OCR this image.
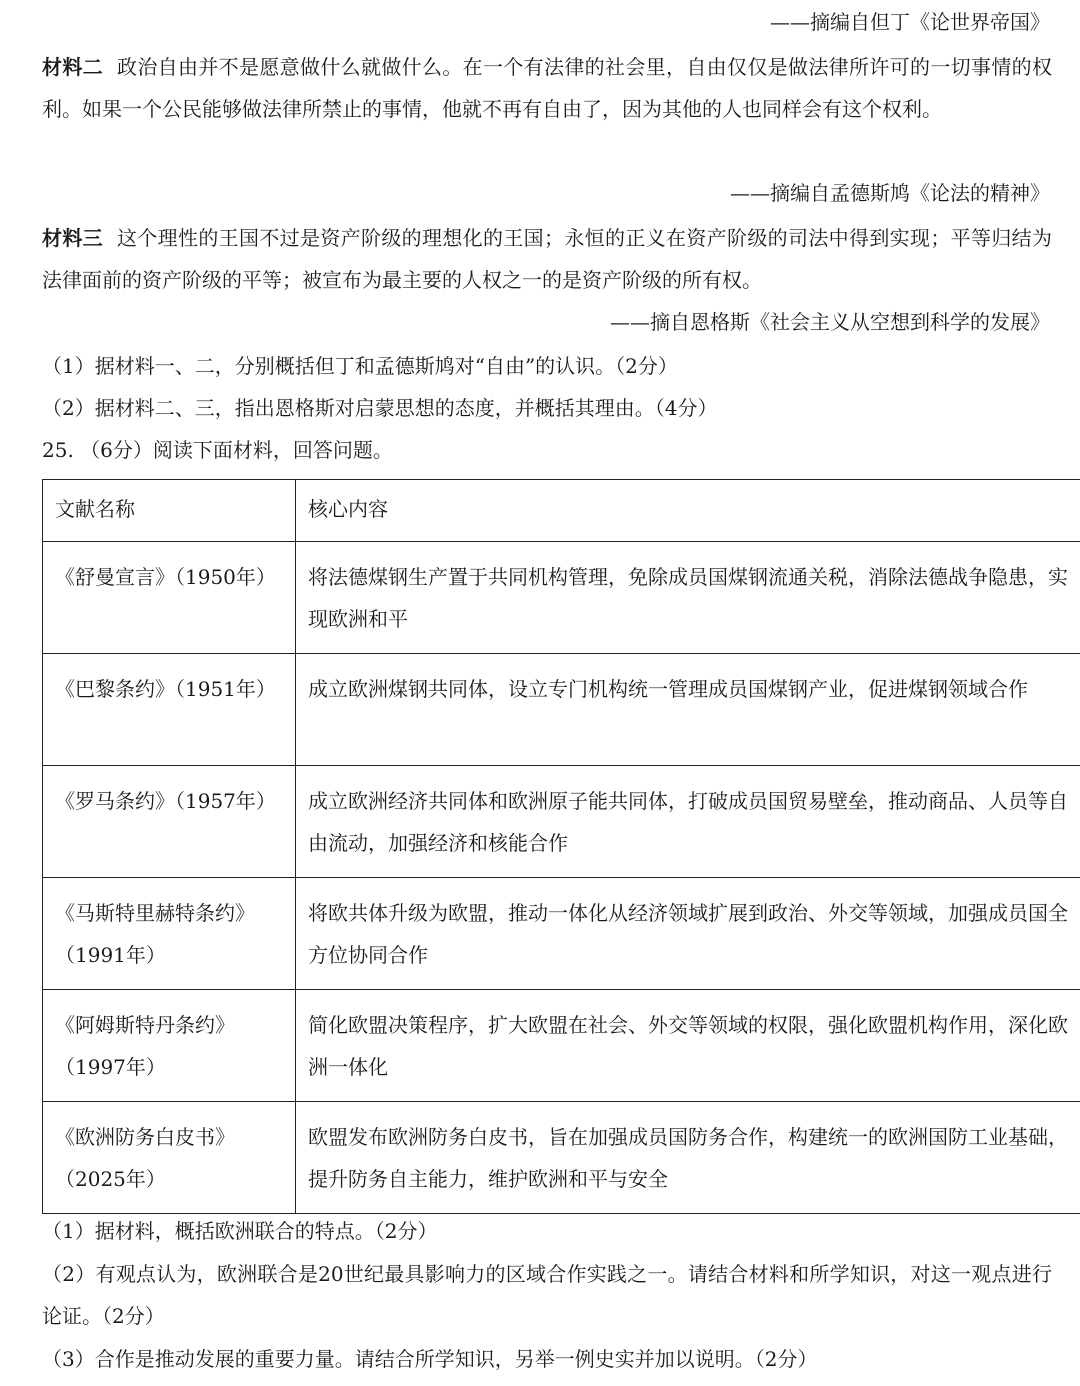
——摘编自但丁《论世界帝国》
材料二 政治自由并不是愿意做什么就做什么。在一个有法律的社会里，自由仅仅是做法律所许可的一切事情的权利。如果一个公民能够做法律所禁止的事情，他就不再有自由了，因为其他的人也同样会有这个权利。
——摘编自孟德斯鸠《论法的精神》
材料三 这个理性的王国不过是资产阶级的理想化的王国；永恒的正义在资产阶级的司法中得到实现；平等归结为法律面前的资产阶级的平等；被宣布为最主要的人权之一的是资产阶级的所有权。
——摘自恩格斯《社会主义从空想到科学的发展》
（1）据材料一、二，分别概括但丁和孟德斯鸠对“自由”的认识。（2分）
（2）据材料二、三，指出恩格斯对启蒙思想的态度，并概括其理由。（4分）
25. （6分）阅读下面材料，回答问题。
文献名称	核心内容
《舒曼宣言》（1950年）	将法德煤钢生产置于共同机构管理，免除成员国煤钢流通关税，消除法德战争隐患，实现欧洲和平
《巴黎条约》（1951年）	成立欧洲煤钢共同体，设立专门机构统一管理成员国煤钢产业，促进煤钢领域合作
《罗马条约》（1957年）	成立欧洲经济共同体和欧洲原子能共同体，打破成员国贸易壁垒，推动商品、人员等自由流动，加强经济和核能合作
《马斯特里赫特条约》（1991年）	将欧共体升级为欧盟，推动一体化从经济领域扩展到政治、外交等领域，加强成员国全方位协同合作
《阿姆斯特丹条约》（1997年）	简化欧盟决策程序，扩大欧盟在社会、外交等领域的权限，强化欧盟机构作用，深化欧洲一体化
《欧洲防务白皮书》（2025年）	欧盟发布欧洲防务白皮书，旨在加强成员国防务合作，构建统一的欧洲国防工业基础，提升防务自主能力，维护欧洲和平与安全
（1）据材料，概括欧洲联合的特点。（2分）
（2）有观点认为，欧洲联合是20世纪最具影响力的区域合作实践之一。请结合材料和所学知识，对这一观点进行论证。（2分）
（3）合作是推动发展的重要力量。请结合所学知识，另举一例史实并加以说明。（2分）
